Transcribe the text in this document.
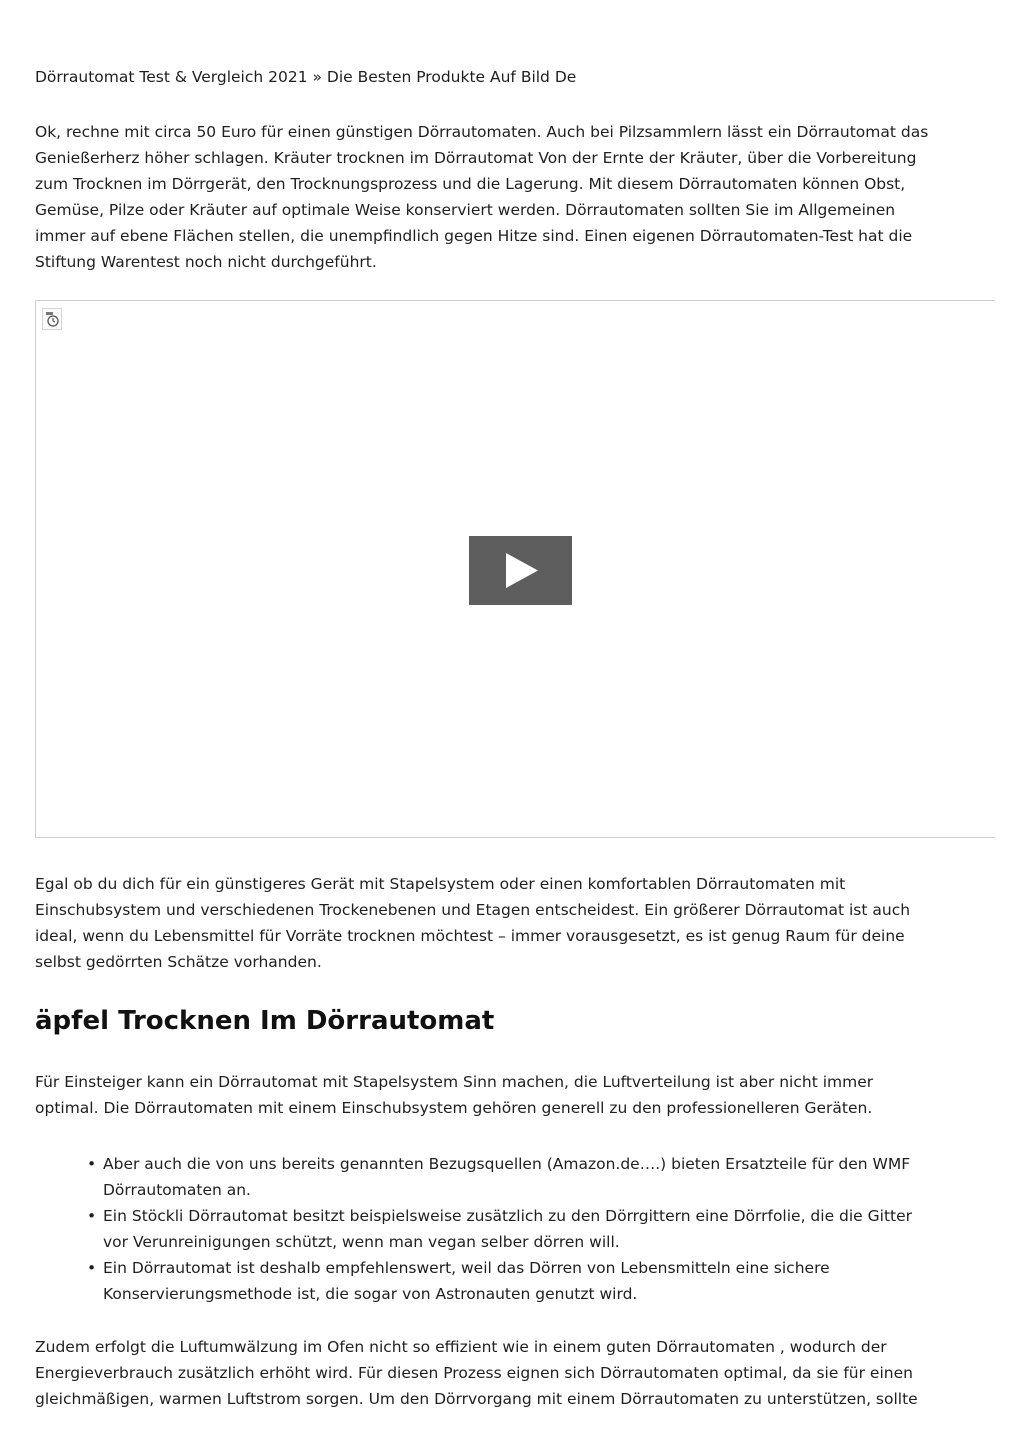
Dörrautomat Test & Vergleich 2021 » Die Besten Produkte Auf Bild De

Ok, rechne mit circa 50 Euro für einen günstigen Dörrautomaten. Auch bei Pilzsammlern lässt ein Dörrautomat das
Genießerherz höher schlagen. Kräuter trocknen im Dörrautomat Von der Ernte der Kräuter, über die Vorbereitung
zum Trocknen im Dörrgerät, den Trocknungsprozess und die Lagerung. Mit diesem Dörrautomaten können Obst,
Gemüse, Pilze oder Kräuter auf optimale Weise konserviert werden. Dörrautomaten sollten Sie im Allgemeinen
immer auf ebene Flächen stellen, die unempfindlich gegen Hitze sind. Einen eigenen Dörrautomaten-Test hat die
Stiftung Warentest noch nicht durchgeführt.

Egal ob du dich für ein günstigeres Gerät mit Stapelsystem oder einen komfortablen Dörrautomaten mit
Einschubsystem und verschiedenen Trockenebenen und Etagen entscheidest. Ein größerer Dörrautomat ist auch
ideal, wenn du Lebensmittel für Vorräte trocknen möchtest – immer vorausgesetzt, es ist genug Raum für deine
selbst gedörrten Schätze vorhanden.

äpfel Trocknen Im Dörrautomat

Für Einsteiger kann ein Dörrautomat mit Stapelsystem Sinn machen, die Luftverteilung ist aber nicht immer
optimal. Die Dörrautomaten mit einem Einschubsystem gehören generell zu den professionelleren Geräten.

• Aber auch die von uns bereits genannten Bezugsquellen (Amazon.de….) bieten Ersatzteile für den WMF
Dörrautomaten an.
• Ein Stöckli Dörrautomat besitzt beispielsweise zusätzlich zu den Dörrgittern eine Dörrfolie, die die Gitter
vor Verunreinigungen schützt, wenn man vegan selber dörren will.
• Ein Dörrautomat ist deshalb empfehlenswert, weil das Dörren von Lebensmitteln eine sichere
Konservierungsmethode ist, die sogar von Astronauten genutzt wird.

Zudem erfolgt die Luftumwälzung im Ofen nicht so effizient wie in einem guten Dörrautomaten , wodurch der
Energieverbrauch zusätzlich erhöht wird. Für diesen Prozess eignen sich Dörrautomaten optimal, da sie für einen
gleichmäßigen, warmen Luftstrom sorgen. Um den Dörrvorgang mit einem Dörrautomaten zu unterstützen, sollte
